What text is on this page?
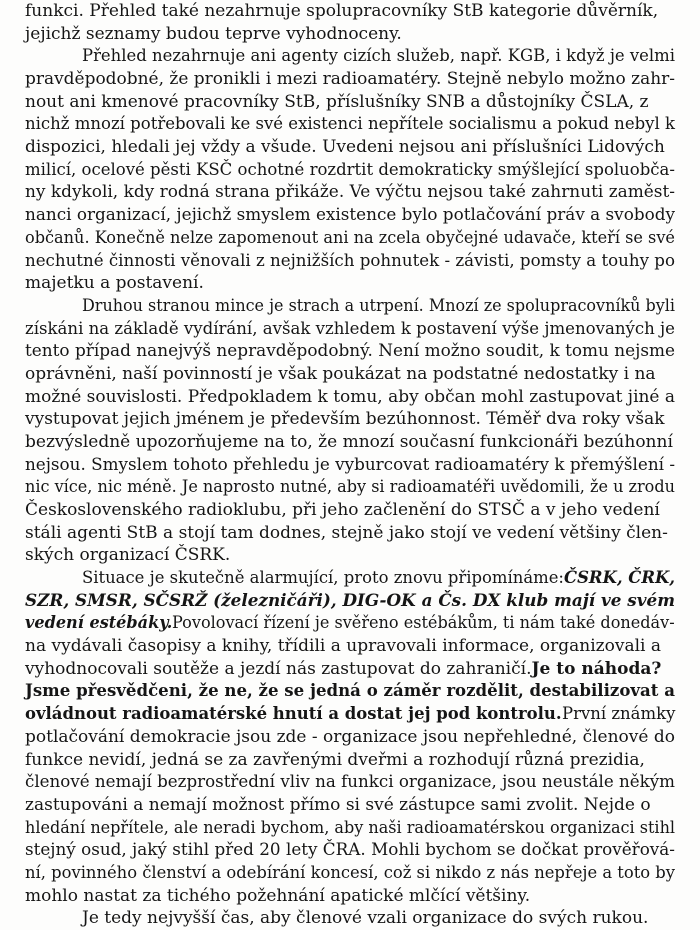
funkci. Přehled také nezahrnuje spolupracovníky StB kategorie důvěrník,
jejichž seznamy budou teprve vyhodnoceny.
Přehled nezahrnuje ani agenty cizích služeb, např. KGB, i když je velmi
pravděpodobné, že pronikli i mezi radioamatéry. Stejně nebylo možno zahr-
nout ani kmenové pracovníky StB, příslušníky SNB a důstojníky ČSLA, z
nichž mnozí potřebovali ke své existenci nepřítele socialismu a pokud nebyl k
dispozici, hledali jej vždy a všude. Uvedeni nejsou ani příslušníci Lidových
milicí, ocelové pěsti KSČ ochotné rozdrtit demokraticky smýšlející spoluobča-
ny kdykoli, kdy rodná strana přikáže. Ve výčtu nejsou také zahrnuti zaměst-
nanci organizací, jejichž smyslem existence bylo potlačování práv a svobody
občanů. Konečně nelze zapomenout ani na zcela obyčejné udavače, kteří se své
nechutné činnosti věnovali z nejnižších pohnutek - závisti, pomsty a touhy po
majetku a postavení.
Druhou stranou mince je strach a utrpení. Mnozí ze spolupracovníků byli
získáni na základě vydírání, avšak vzhledem k postavení výše jmenovaných je
tento případ nanejvýš nepravděpodobný. Není možno soudit, k tomu nejsme
oprávněni, naší povinností je však poukázat na podstatné nedostatky i na
možné souvislosti. Předpokladem k tomu, aby občan mohl zastupovat jiné a
vystupovat jejich jménem je především bezúhonnost. Téměř dva roky však
bezvýsledně upozorňujeme na to, že mnozí současní funkcionáři bezúhonní
nejsou. Smyslem tohoto přehledu je vyburcovat radioamatéry k přemýšlení -
nic více, nic méně. Je naprosto nutné, aby si radioamatéři uvědomili, že u zrodu
Československého radioklubu, při jeho začlenění do STSČ a v jeho vedení
stáli agenti StB a stojí tam dodnes, stejně jako stojí ve vedení většiny člen-
ských organizací ČSRK.
Situace je skutečně alarmující, proto znovu připomínáme: ČSRK, ČRK,
SZR, SMSR, SČSRŽ (železničáři), DIG-OK a Čs. DX klub mají ve svém
vedení estébáky. Povolovací řízení je svěřeno estébákům, ti nám také donedáv-
na vydávali časopisy a knihy, třídili a upravovali informace, organizovali a
vyhodnocovali soutěže a jezdí nás zastupovat do zahraničí. Je to náhoda?
Jsme přesvědčeni, že ne, že se jedná o záměr rozdělit, destabilizovat a
ovládnout radioamatérské hnutí a dostat jej pod kontrolu. První známky
potlačování demokracie jsou zde - organizace jsou nepřehledné, členové do
funkce nevidí, jedná se za zavřenými dveřmi a rozhodují různá prezidia,
členové nemají bezprostřední vliv na funkci organizace, jsou neustále někým
zastupováni a nemají možnost přímo si své zástupce sami zvolit. Nejde o
hledání nepřítele, ale neradi bychom, aby naši radioamatérskou organizaci stihl
stejný osud, jaký stihl před 20 lety ČRA. Mohli bychom se dočkat prověřová-
ní, povinného členství a odebírání koncesí, což si nikdo z nás nepřeje a toto by
mohlo nastat za tichého požehnání apatické mlčící většiny.
Je tedy nejvyšší čas, aby členové vzali organizace do svých rukou.
